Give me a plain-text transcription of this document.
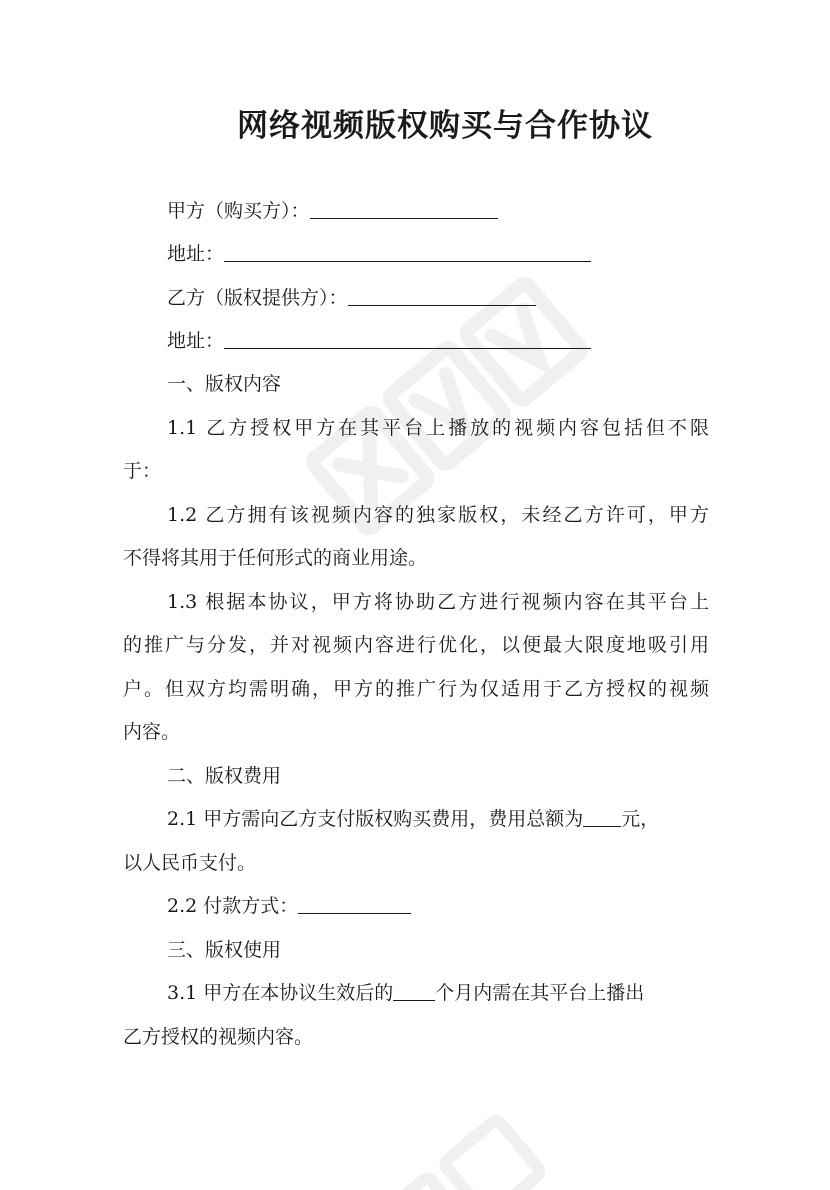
网络视频版权购买与合作协议
甲方（购买方）：
地址：
乙方（版权提供方）：
地址：
一、版权内容
1.1 乙方授权甲方在其平台上播放的视频内容包括但不限
于：
1.2 乙方拥有该视频内容的独家版权，未经乙方许可，甲方
不得将其用于任何形式的商业用途。
1.3 根据本协议，甲方将协助乙方进行视频内容在其平台上
的推广与分发，并对视频内容进行优化，以便最大限度地吸引用
户。但双方均需明确，甲方的推广行为仅适用于乙方授权的视频
内容。
二、版权费用
2.1 甲方需向乙方支付版权购买费用，费用总额为 元，
以人民币支付。
2.2 付款方式：
三、版权使用
3.1 甲方在本协议生效后的 个月内需在其平台上播出
乙方授权的视频内容。
